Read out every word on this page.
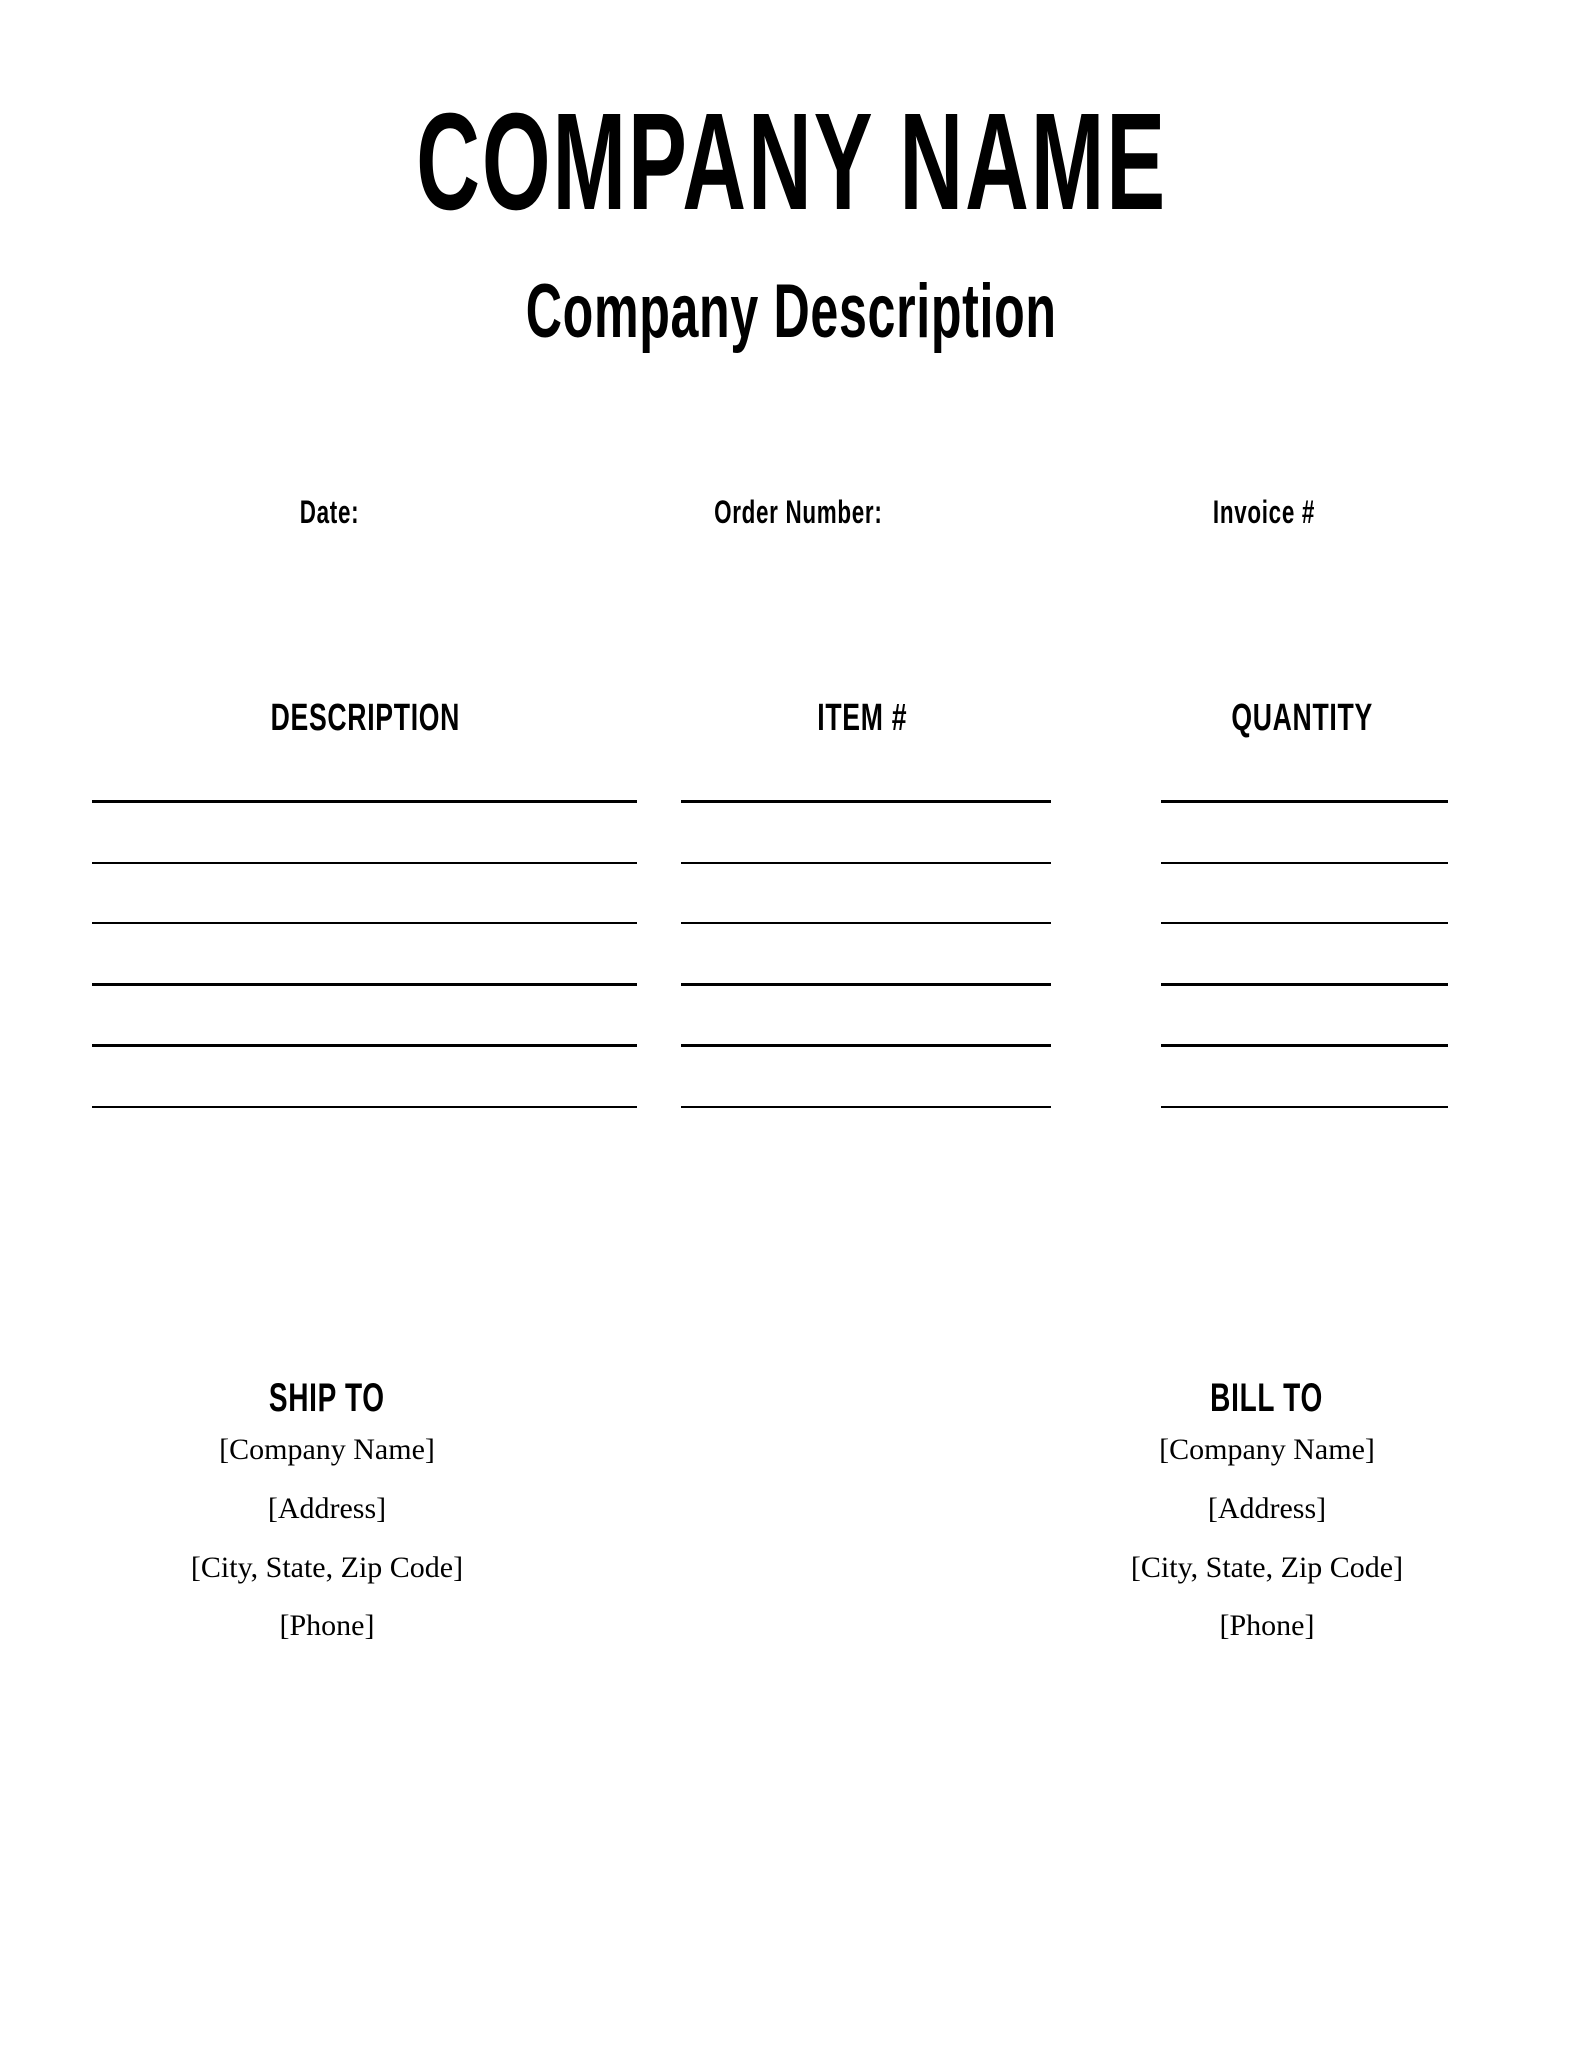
COMPANY NAME
Company Description
Date:	Order Number:	Invoice #
DESCRIPTION	ITEM #	QUANTITY
SHIP TO
[Company Name]
[Address]
[City, State, Zip Code]
[Phone]
BILL TO
[Company Name]
[Address]
[City, State, Zip Code]
[Phone]
